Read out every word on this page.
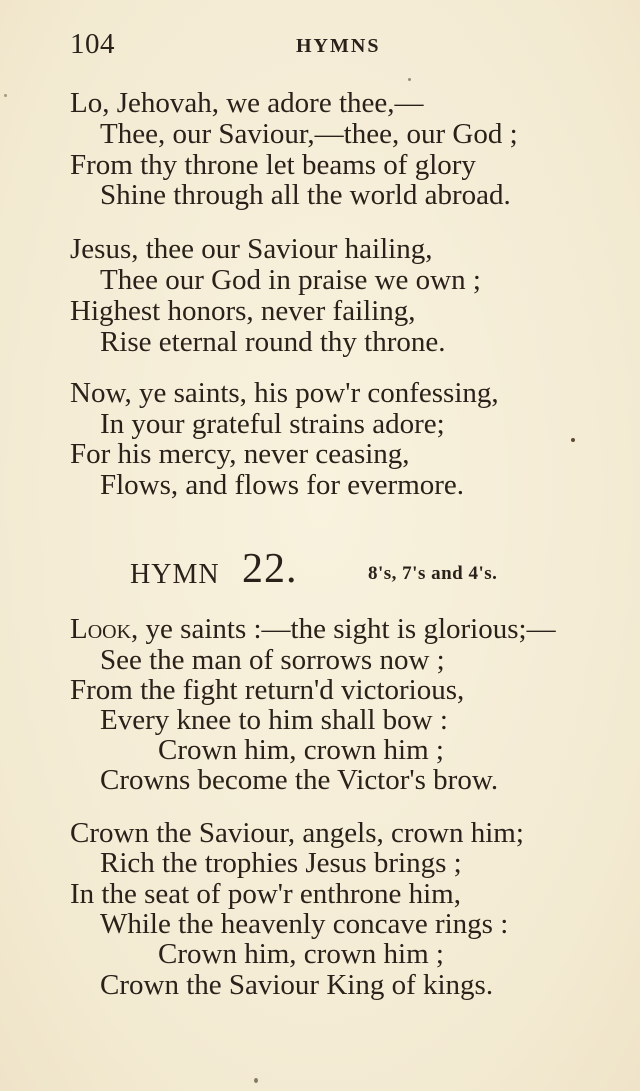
104	HYMNS
Lo, Jehovah, we adore thee,—
Thee, our Saviour,—thee, our God ;
From thy throne let beams of glory
Shine through all the world abroad.
Jesus, thee our Saviour hailing,
Thee our God in praise we own ;
Highest honors, never failing,
Rise eternal round thy throne.
Now, ye saints, his pow'r confessing,
In your grateful strains adore;
For his mercy, never ceasing,
Flows, and flows for evermore.
HYMN 22.	8's, 7's and 4's.
Look, ye saints :—the sight is glorious;—
See the man of sorrows now ;
From the fight return'd victorious,
Every knee to him shall bow :
Crown him, crown him ;
Crowns become the Victor's brow.
Crown the Saviour, angels, crown him;
Rich the trophies Jesus brings ;
In the seat of pow'r enthrone him,
While the heavenly concave rings :
Crown him, crown him ;
Crown the Saviour King of kings.
